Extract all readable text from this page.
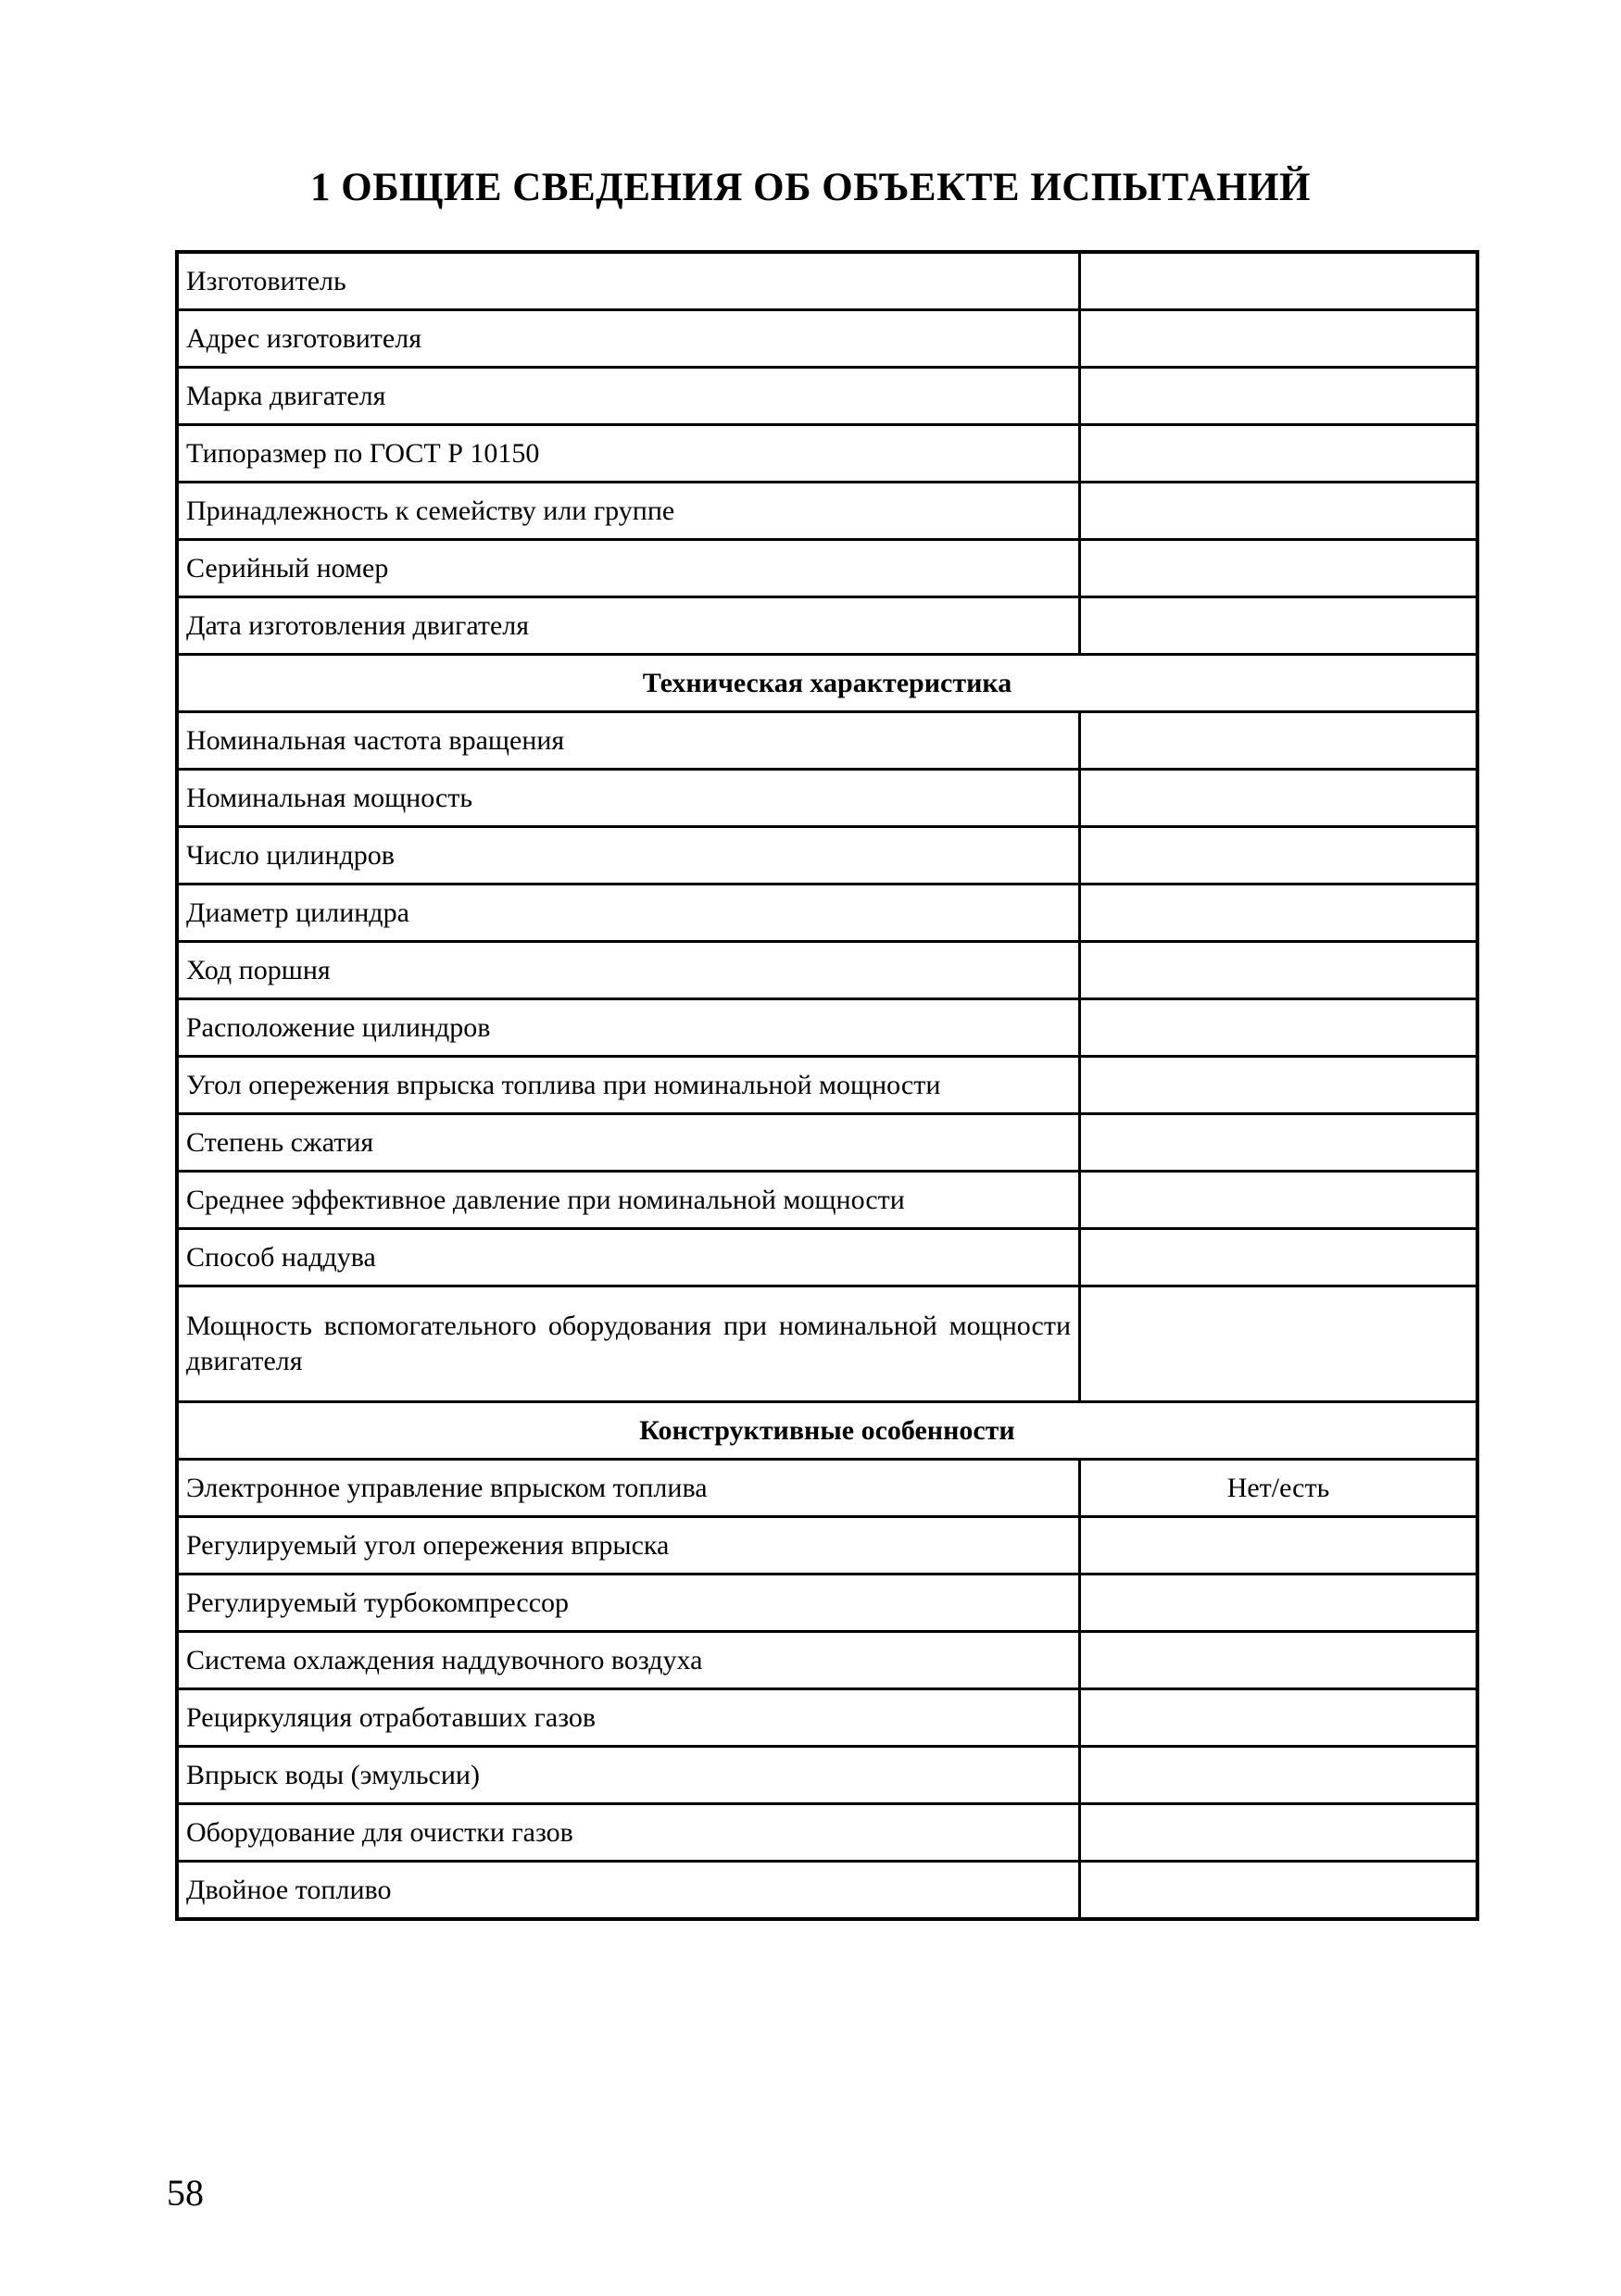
1 ОБЩИЕ СВЕДЕНИЯ ОБ ОБЪЕКТЕ ИСПЫТАНИЙ
Изготовитель	
Адрес изготовителя	
Марка двигателя	
Типоразмер по ГОСТ Р 10150	
Принадлежность к семейству или группе	
Серийный номер	
Дата изготовления двигателя	
Техническая характеристика	
Номинальная частота вращения	
Номинальная мощность	
Число цилиндров	
Диаметр цилиндра	
Ход поршня	
Расположение цилиндров	
Угол опережения впрыска топлива при номинальной мощности	
Степень сжатия	
Среднее эффективное давление при номинальной мощности	
Способ наддува	
Мощность вспомогательного оборудования при номинальной мощности двигателя	
Конструктивные особенности	
Электронное управление впрыском топлива	Нет/есть
Регулируемый угол опережения впрыска	
Регулируемый турбокомпрессор	
Система охлаждения наддувочного воздуха	
Рециркуляция отработавших газов	
Впрыск воды (эмульсии)	
Оборудование для очистки газов	
Двойное топливо	
58
